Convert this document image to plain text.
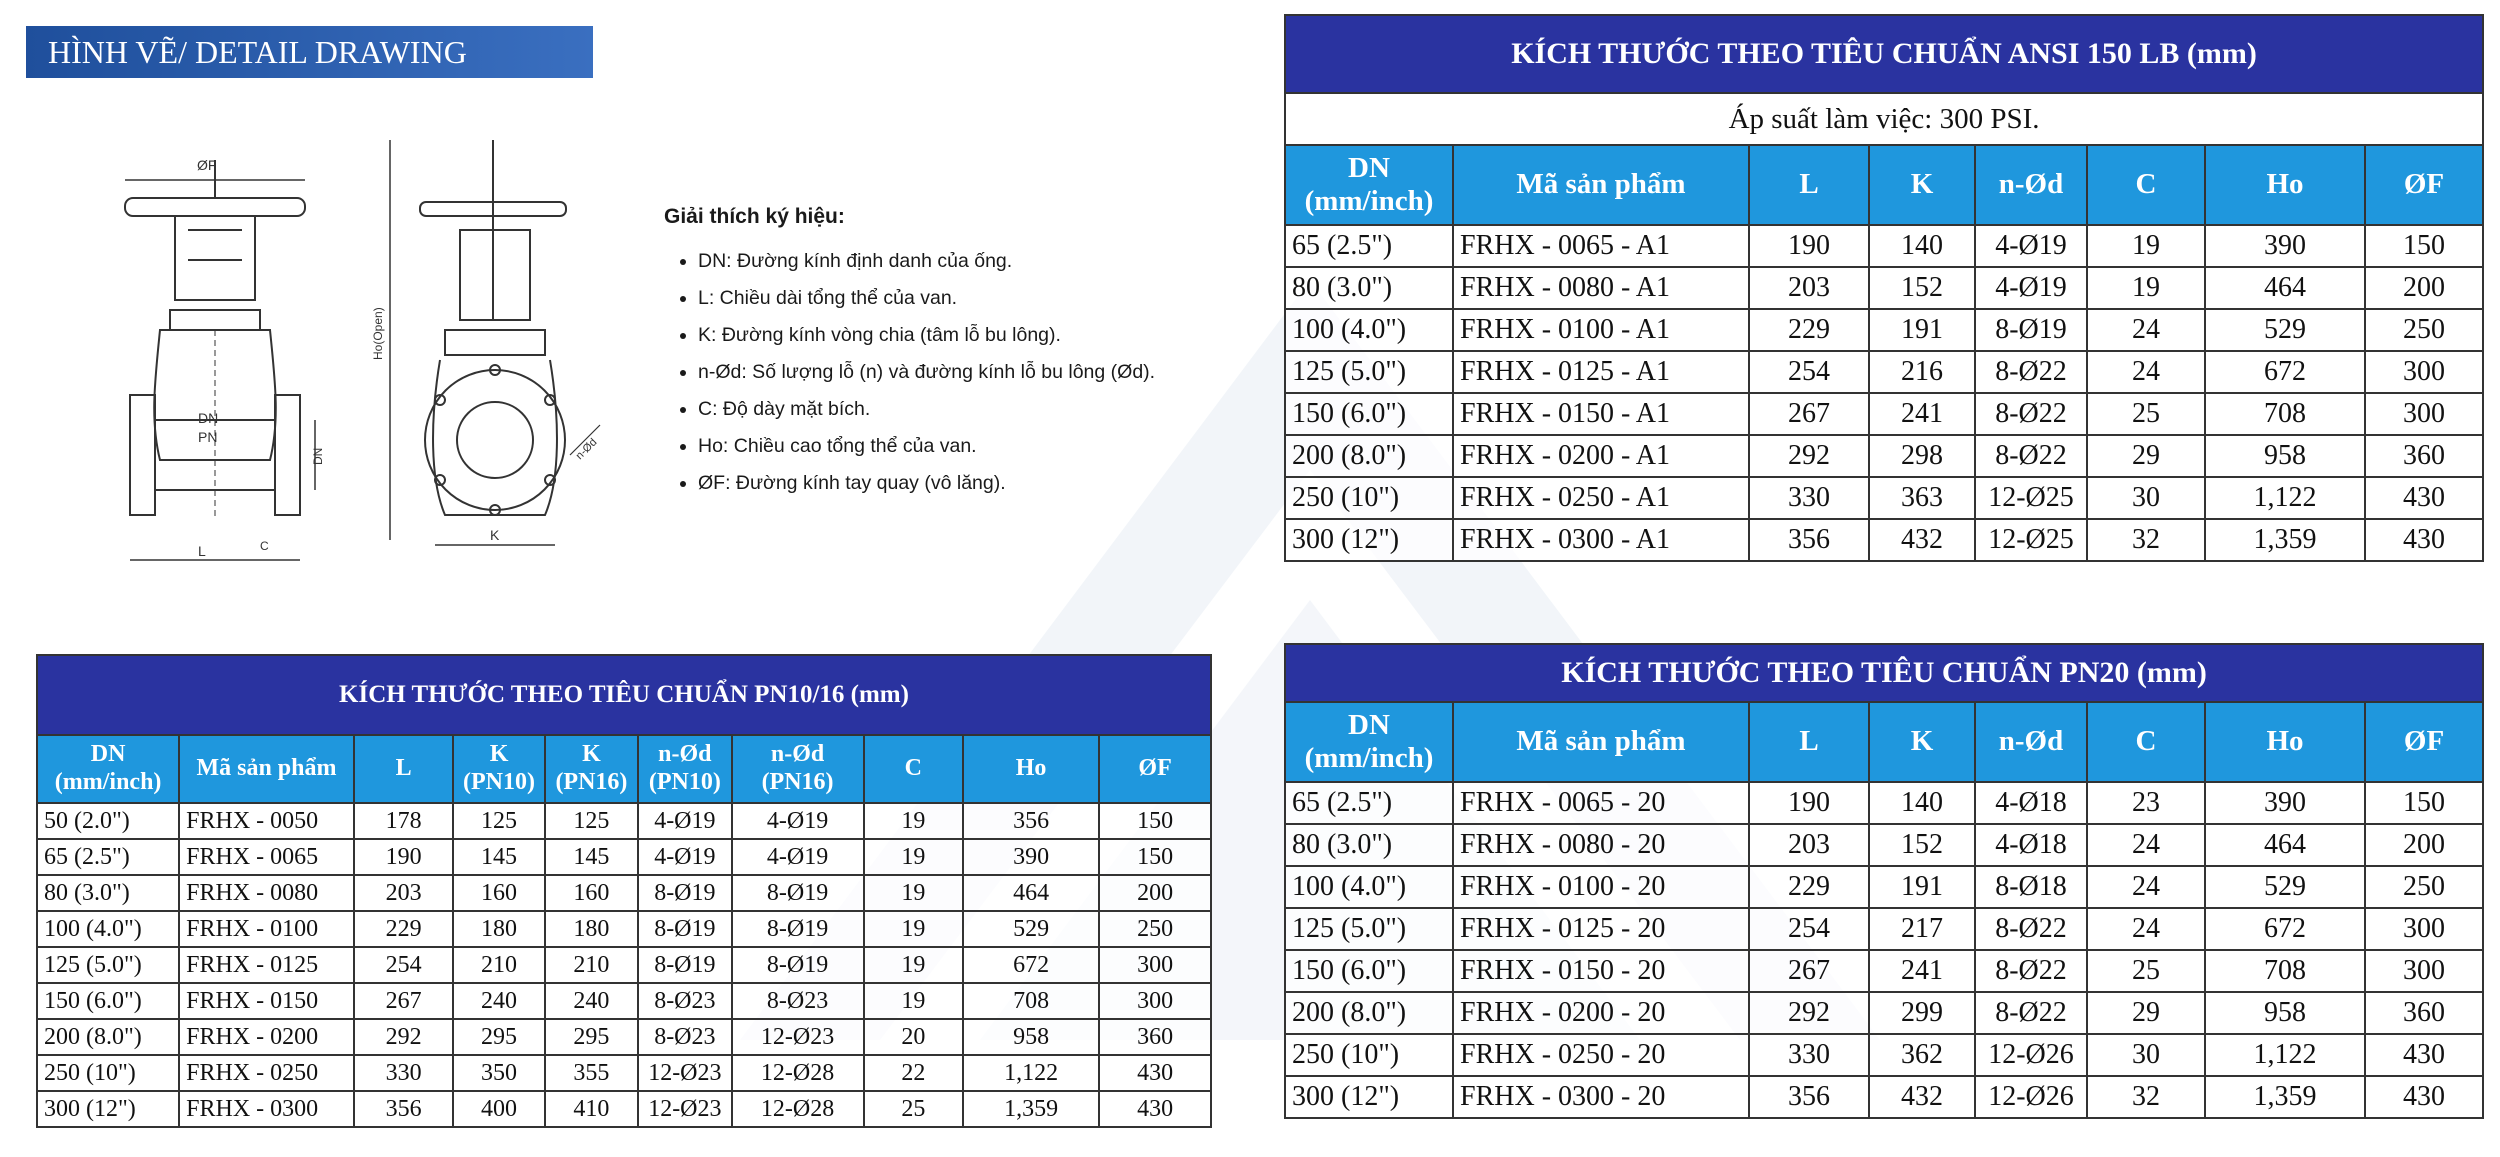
HÌNH VẼ/ DETAIL DRAWING
ØF
DN
PN
L	C
DN
Ho(Open)
K
n-Ød
Giải thích ký hiệu:
• DN: Đường kính định danh của ống.
• L: Chiều dài tổng thể của van.
• K: Đường kính vòng chia (tâm lỗ bu lông).
• n-Ød: Số lượng lỗ (n) và đường kính lỗ bu lông (Ød).
• C: Độ dày mặt bích.
• Ho: Chiều cao tổng thể của van.
• ØF: Đường kính tay quay (vô lăng).
KÍCH THƯỚC THEO TIÊU CHUẨN ANSI 150 LB (mm)							
Áp suất làm việc: 300 PSI.							
DN (mm/inch)	Mã sản phẩm	L	K	n-Ød	C	Ho	ØF
65 (2.5")	FRHX - 0065 - A1	190	140	4-Ø19	19	390	150
80 (3.0")	FRHX - 0080 - A1	203	152	4-Ø19	19	464	200
100 (4.0")	FRHX - 0100 - A1	229	191	8-Ø19	24	529	250
125 (5.0")	FRHX - 0125 - A1	254	216	8-Ø22	24	672	300
150 (6.0")	FRHX - 0150 - A1	267	241	8-Ø22	25	708	300
200 (8.0")	FRHX - 0200 - A1	292	298	8-Ø22	29	958	360
250 (10")	FRHX - 0250 - A1	330	363	12-Ø25	30	1,122	430
300 (12")	FRHX - 0300 - A1	356	432	12-Ø25	32	1,359	430
KÍCH THƯỚC THEO TIÊU CHUẨN PN20 (mm)							
DN (mm/inch)	Mã sản phẩm	L	K	n-Ød	C	Ho	ØF
65 (2.5")	FRHX - 0065 - 20	190	140	4-Ø18	23	390	150
80 (3.0")	FRHX - 0080 - 20	203	152	4-Ø18	24	464	200
100 (4.0")	FRHX - 0100 - 20	229	191	8-Ø18	24	529	250
125 (5.0")	FRHX - 0125 - 20	254	217	8-Ø22	24	672	300
150 (6.0")	FRHX - 0150 - 20	267	241	8-Ø22	25	708	300
200 (8.0")	FRHX - 0200 - 20	292	299	8-Ø22	29	958	360
250 (10")	FRHX - 0250 - 20	330	362	12-Ø26	30	1,122	430
300 (12")	FRHX - 0300 - 20	356	432	12-Ø26	32	1,359	430
KÍCH THƯỚC THEO TIÊU CHUẨN PN10/16 (mm)									
DN (mm/inch)	Mã sản phẩm	L	K (PN10)	K (PN16)	n-Ød (PN10)	n-Ød (PN16)	C	Ho	ØF
50 (2.0")	FRHX - 0050	178	125	125	4-Ø19	4-Ø19	19	356	150
65 (2.5")	FRHX - 0065	190	145	145	4-Ø19	4-Ø19	19	390	150
80 (3.0")	FRHX - 0080	203	160	160	8-Ø19	8-Ø19	19	464	200
100 (4.0")	FRHX - 0100	229	180	180	8-Ø19	8-Ø19	19	529	250
125 (5.0")	FRHX - 0125	254	210	210	8-Ø19	8-Ø19	19	672	300
150 (6.0")	FRHX - 0150	267	240	240	8-Ø23	8-Ø23	19	708	300
200 (8.0")	FRHX - 0200	292	295	295	8-Ø23	12-Ø23	20	958	360
250 (10")	FRHX - 0250	330	350	355	12-Ø23	12-Ø28	22	1,122	430
300 (12")	FRHX - 0300	356	400	410	12-Ø23	12-Ø28	25	1,359	430
